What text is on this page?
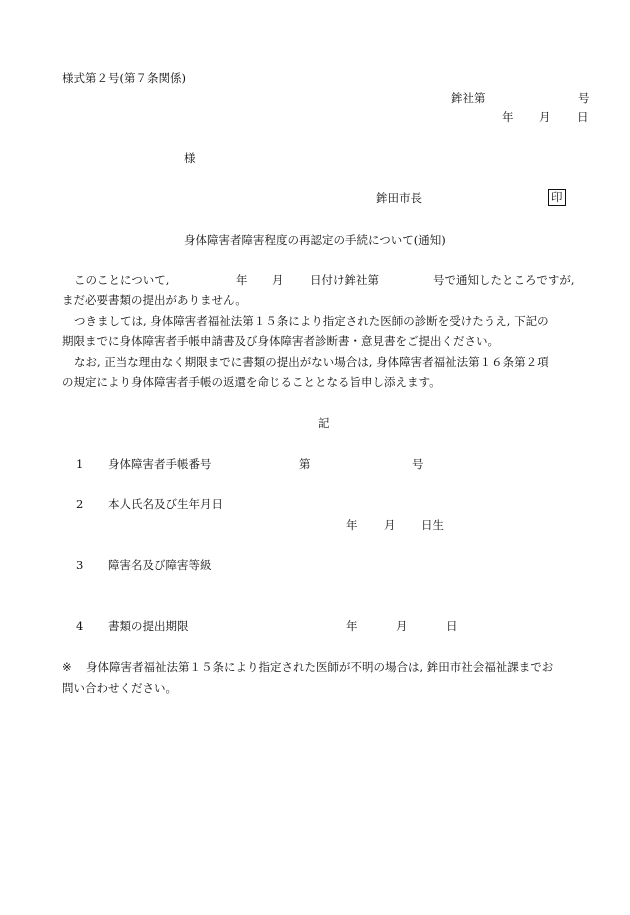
様式第２号(第７条関係)
鉾社第	号
年 月 日
様
鉾田市長	印
身体障害者障害程度の再認定の手続について(通知)
このことについて,	年 月 日付け鉾社第	号で通知したところですが,
まだ必要書類の提出がありません。
つきましては, 身体障害者福祉法第１５条により指定された医師の診断を受けたうえ, 下記の
期限までに身体障害者手帳申請書及び身体障害者診断書・意見書をご提出ください。
なお, 正当な理由なく期限までに書類の提出がない場合は, 身体障害者福祉法第１６条第２項
の規定により身体障害者手帳の返還を命じることとなる旨申し添えます。
記
1 身体障害者手帳番号	第	号
2 本人氏名及び生年月日
年 月 日生
3 障害名及び障害等級
4 書類の提出期限	年	月	日
※ 身体障害者福祉法第１５条により指定された医師が不明の場合は, 鉾田市社会福祉課までお
問い合わせください。
